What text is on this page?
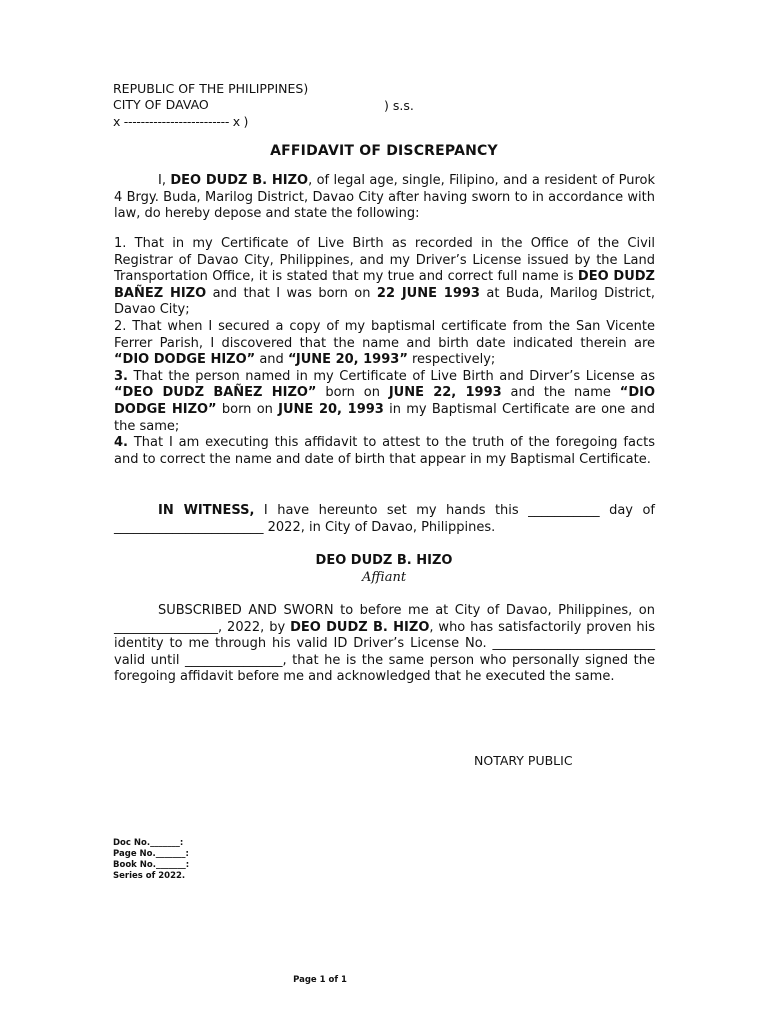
REPUBLIC OF THE PHILIPPINES)
CITY OF DAVAO	) s.s.
x ------------------------- x )
AFFIDAVIT OF DISCREPANCY

I, DEO DUDZ B. HIZO, of legal age, single, Filipino, and a resident of Purok 4 Brgy. Buda, Marilog District, Davao City after having sworn to in accordance with law, do hereby depose and state the following:

1. That in my Certificate of Live Birth as recorded in the Office of the Civil Registrar of Davao City, Philippines, and my Driver’s License issued by the Land Transportation Office, it is stated that my true and correct full name is DEO DUDZ BAÑEZ HIZO and that I was born on 22 JUNE 1993 at Buda, Marilog District, Davao City;

2. That when I secured a copy of my baptismal certificate from the San Vicente Ferrer Parish, I discovered that the name and birth date indicated therein are “DIO DODGE HIZO” and “JUNE 20, 1993” respectively;

3. That the person named in my Certificate of Live Birth and Dirver’s License as “DEO DUDZ BAÑEZ HIZO” born on JUNE 22, 1993 and the name “DIO DODGE HIZO” born on JUNE 20, 1993 in my Baptismal Certificate are one and the same;

4. That I am executing this affidavit to attest to the truth of the foregoing facts and to correct the name and date of birth that appear in my Baptismal Certificate.

IN WITNESS, I have hereunto set my hands this ___________ day of

_______________________ 2022, in City of Davao, Philippines.

DEO DUDZ B. HIZO
Affiant

SUBSCRIBED AND SWORN to before me at City of Davao, Philippines, on ________________, 2022, by DEO DUDZ B. HIZO, who has satisfactorily proven his identity to me through his valid ID Driver’s License No. _________________________ valid until _______________, that he is the same person who personally signed the foregoing affidavit before me and acknowledged that he executed the same.

NOTARY PUBLIC
Doc No._______:
Page No._______:
Book No._______:
Series of 2022.
Page 1 of 1
